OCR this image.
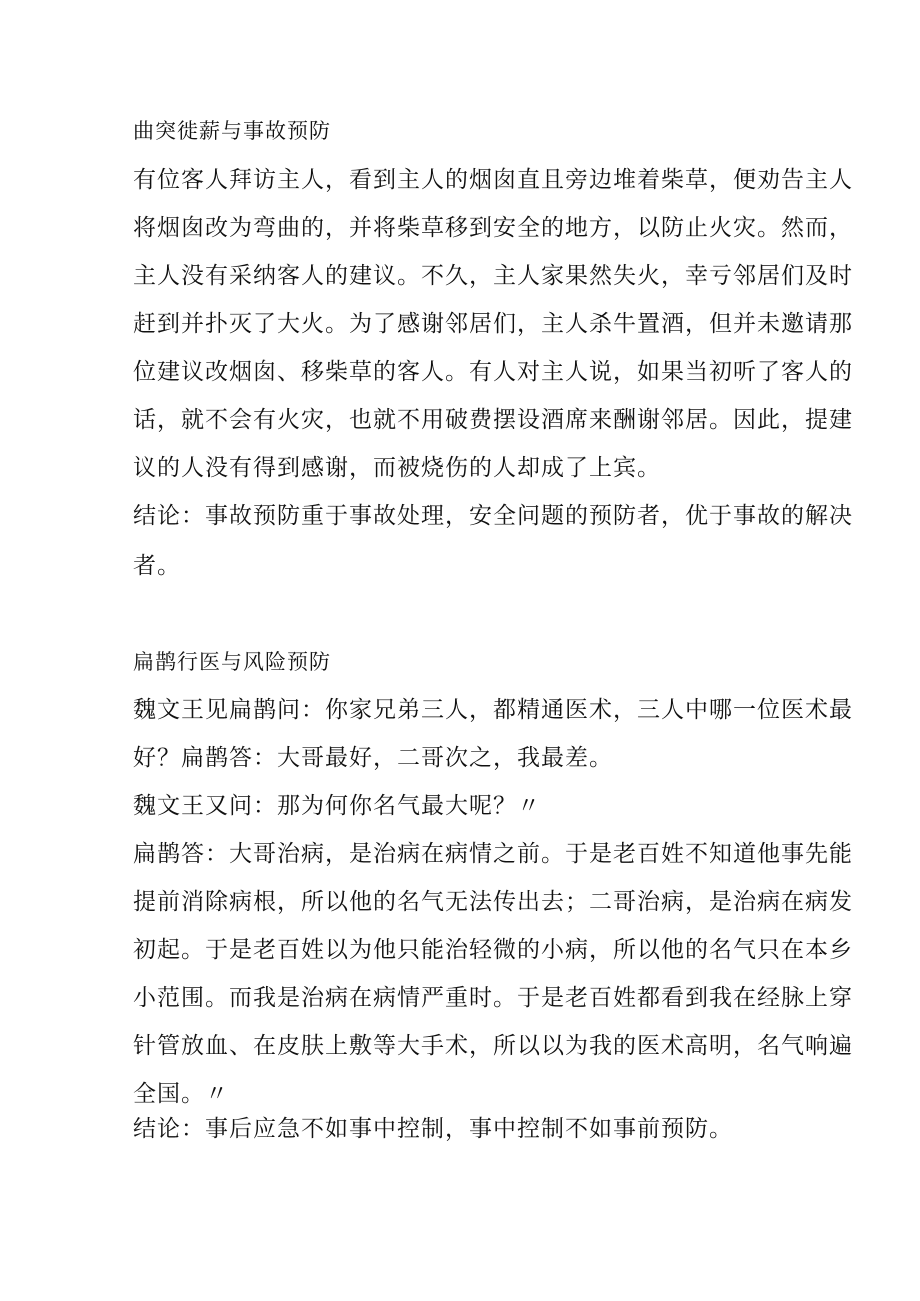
曲突徙薪与事故预防
有位客人拜访主人，看到主人的烟囱直且旁边堆着柴草，便劝告主人
将烟囱改为弯曲的，并将柴草移到安全的地方，以防止火灾。然而，
主人没有采纳客人的建议。不久，主人家果然失火，幸亏邻居们及时
赶到并扑灭了大火。为了感谢邻居们，主人杀牛置酒，但并未邀请那
位建议改烟囱、移柴草的客人。有人对主人说，如果当初听了客人的
话，就不会有火灾，也就不用破费摆设酒席来酬谢邻居。因此，提建
议的人没有得到感谢，而被烧伤的人却成了上宾。
结论：事故预防重于事故处理，安全问题的预防者，优于事故的解决
者。
扁鹊行医与风险预防
魏文王见扁鹊问：你家兄弟三人，都精通医术，三人中哪一位医术最
好？扁鹊答：大哥最好，二哥次之，我最差。
魏文王又问：那为何你名气最大呢？〃
扁鹊答：大哥治病，是治病在病情之前。于是老百姓不知道他事先能
提前消除病根，所以他的名气无法传出去；二哥治病，是治病在病发
初起。于是老百姓以为他只能治轻微的小病，所以他的名气只在本乡
小范围。而我是治病在病情严重时。于是老百姓都看到我在经脉上穿
针管放血、在皮肤上敷等大手术，所以以为我的医术高明，名气响遍
全国。〃
结论：事后应急不如事中控制，事中控制不如事前预防。
